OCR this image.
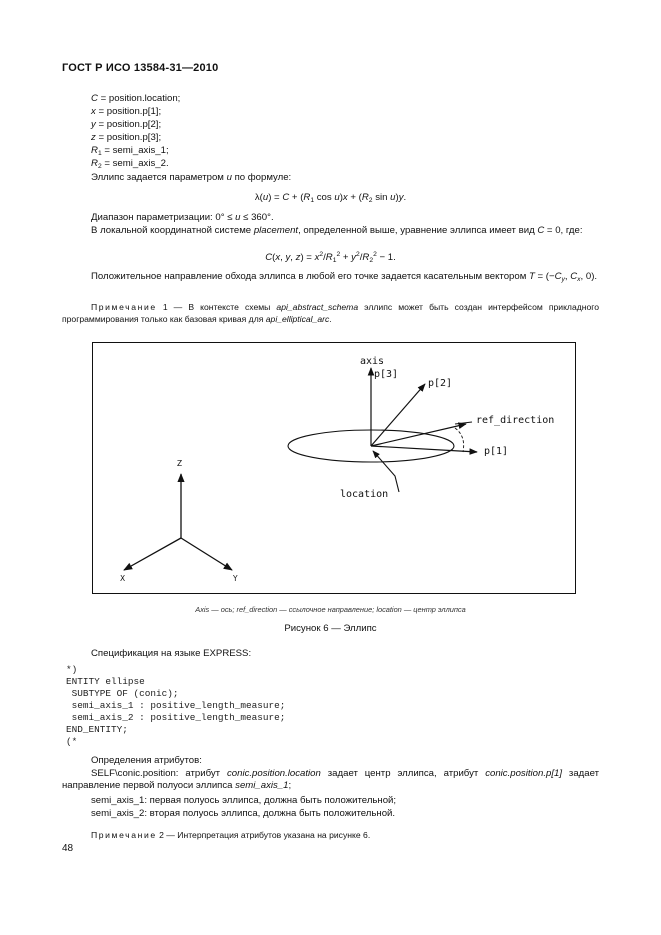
ГОСТ Р ИСО 13584-31—2010
C = position.location;
x = position.p[1];
y = position.p[2];
z = position.p[3];
$R_1$ = semi_axis_1;
$R_2$ = semi_axis_2.
Эллипс задается параметром u по формуле:
$\lambda(u) = C + (R_1$ $\cos u)x + (R_2$ sin u)y.
Диапазон параметризации: 0° ≤ u ≤ 360°.
В локальной координатной системе placement, определенной выше, уравнение эллипса имеет вид C = 0, где:
C(x, y, $z) = x^2/R_1^2 + y^2/R_2^2 - 1$.
Положительное направление обхода эллипса в любой его точке задается касательным вектором $T = (-C_y$, $C_x$, 0).
Примечание 1 — В контексте схемы api_abstract_schema эллипс может быть создан интерфейсом прикладного программирования только как базовая кривая для api_elliptical_arc.
axis
p[3]
p[2]
ref_direction
p[1]
location
Z
X	Y
Axis — ось; ref_direction — ссылочное направление; location — центр эллипса
Рисунок 6 — Эллипс
Спецификация на языке EXPRESS:
*)
ENTITY ellipse
SUBTYPE OF (conic);
semi_axis_1 : positive_length_measure;
semi_axis_2 : positive_length_measure;
END_ENTITY;
(*
Определения атрибутов:
SELF\conic.position: атрибут conic.position.location задает центр эллипса, атрибут conic.position.p[1] задает направление первой полуоси эллипса semi_axis_1;
semi_axis_1: первая полуось эллипса, должна быть положительной;
semi_axis_2: вторая полуось эллипса, должна быть положительной.
Примечание 2 — Интерпретация атрибутов указана на рисунке 6.
48
